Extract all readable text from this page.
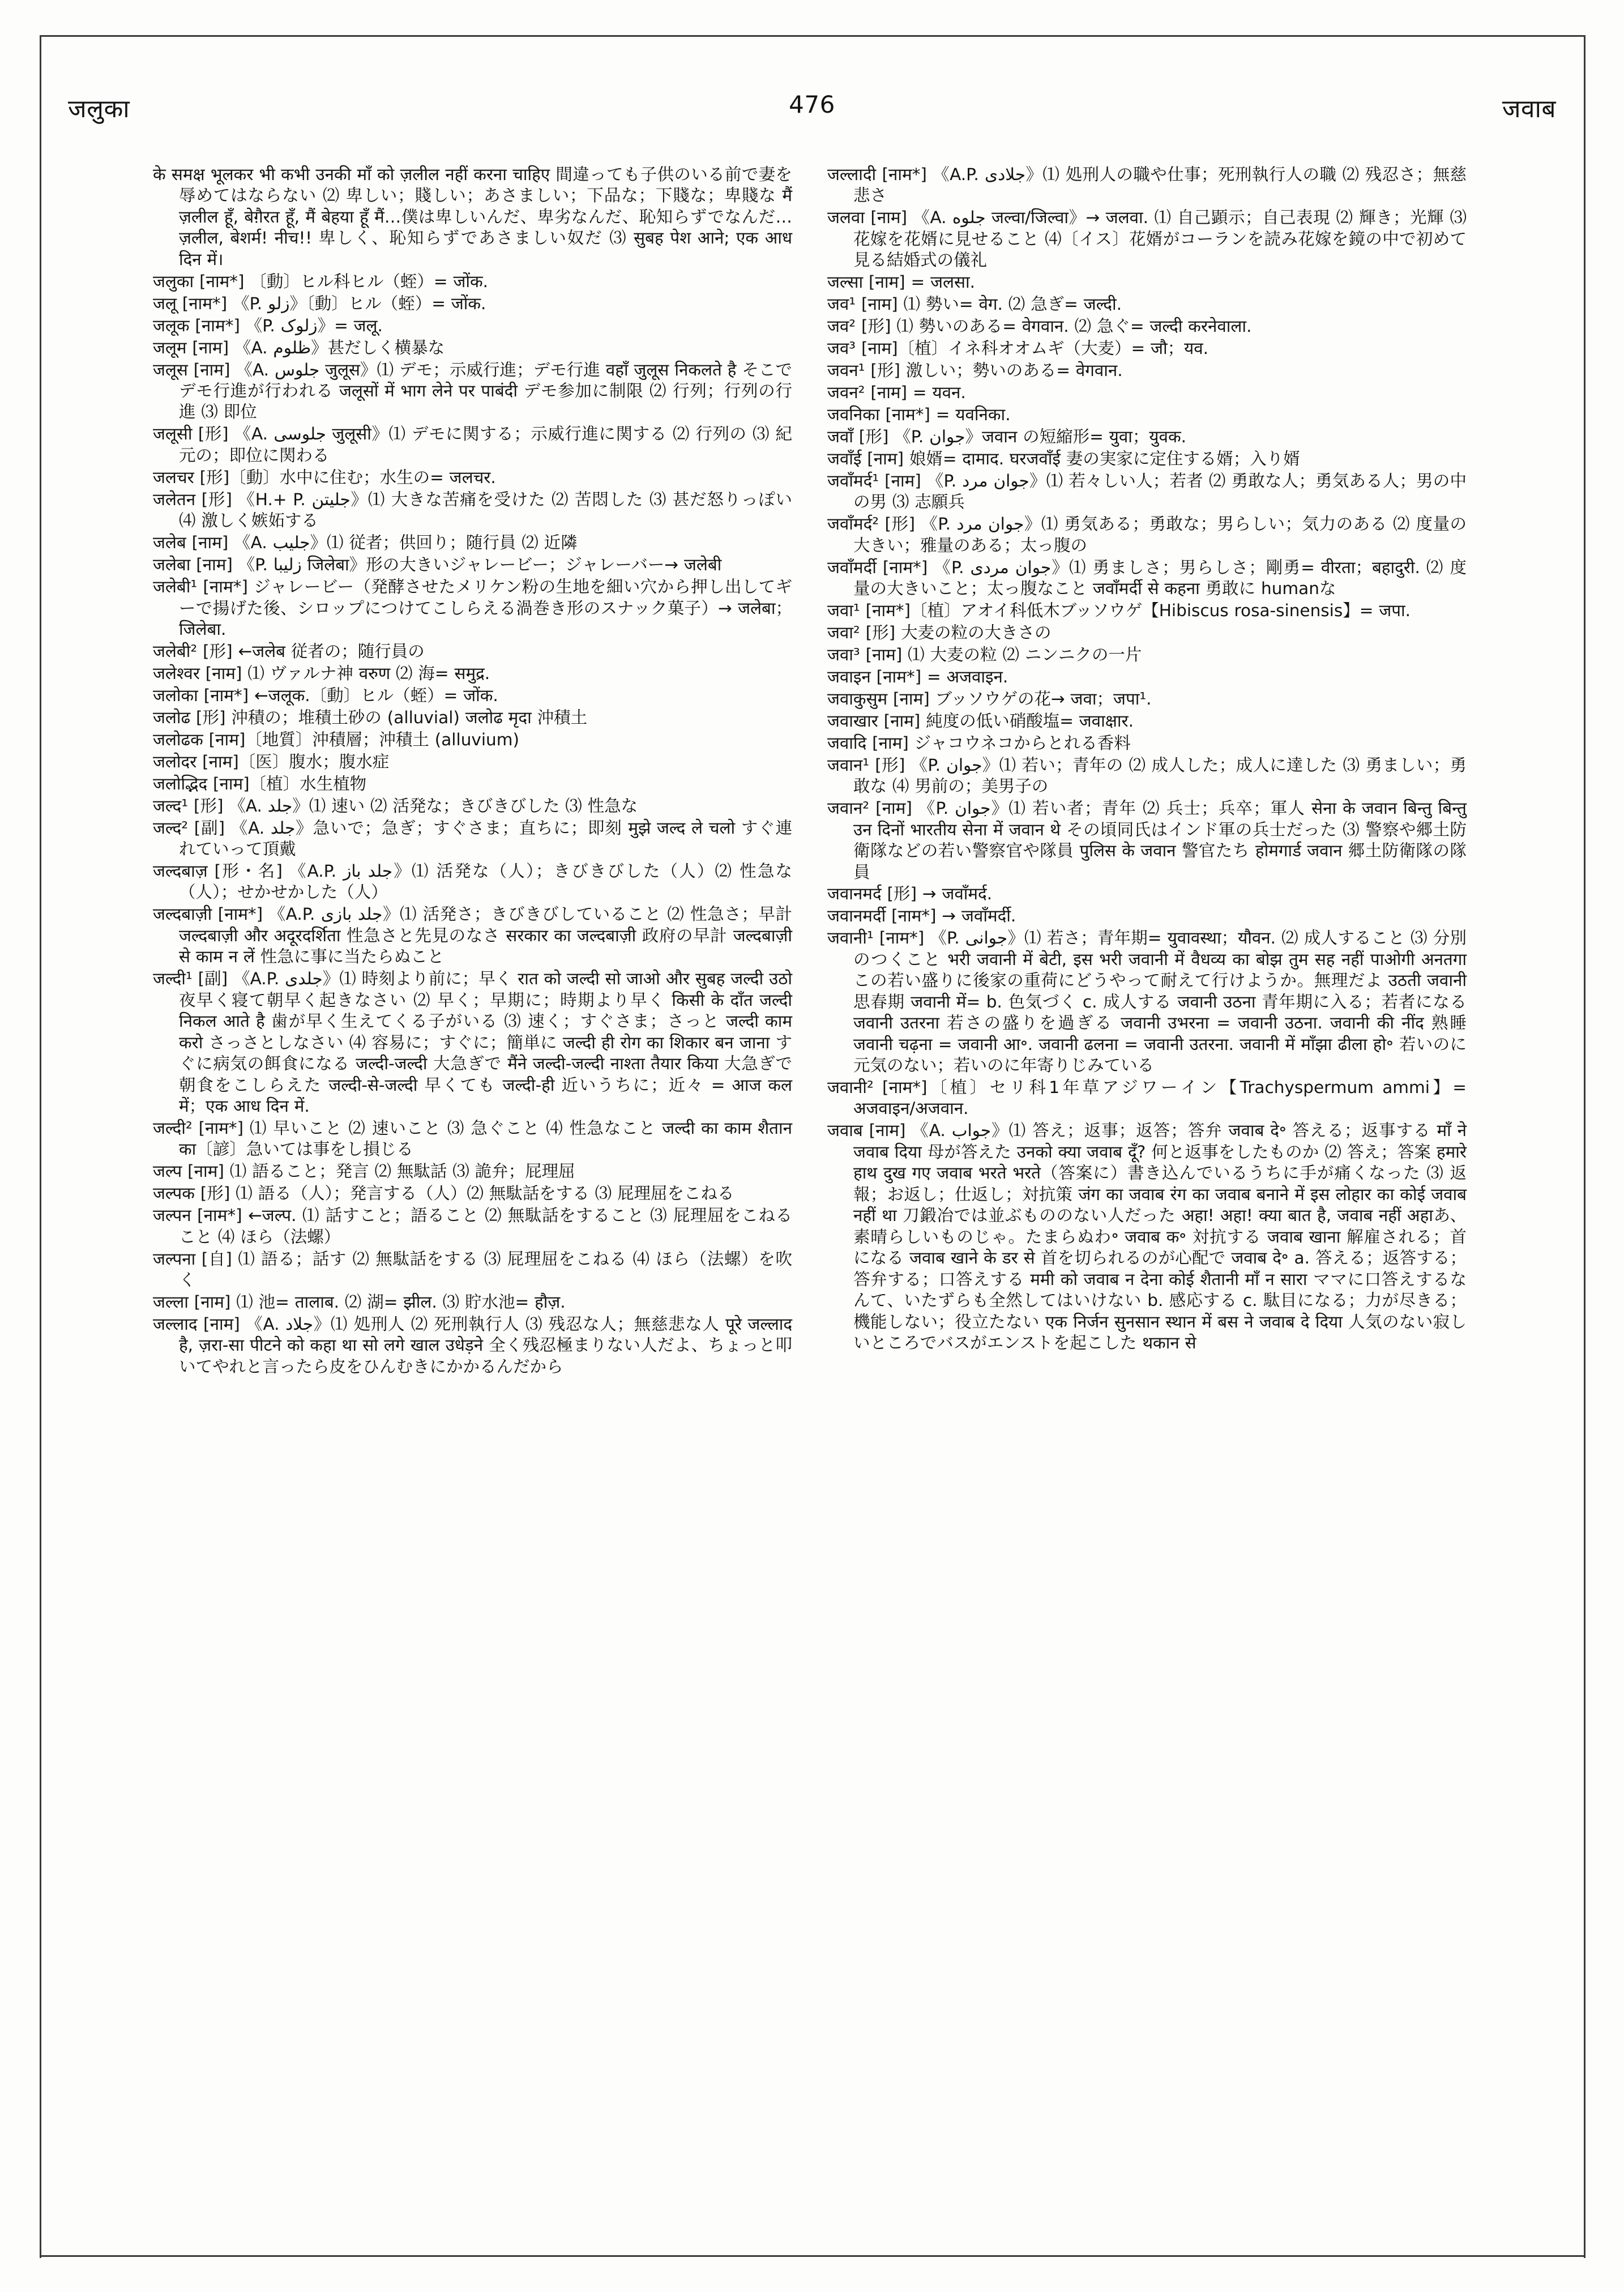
जलुका	476	जवाब

के समक्ष भूलकर भी कभी उनकी माँ को ज़लील नहीं करना चाहिए 間違っても子供のいる前で妻を辱めてはならない ⑵ 卑しい；賤しい；あさましい；下品な；下賤な；卑賤な मैं ज़लील हूँ, बेग़ैरत हूँ, मैं बेहया हूँ मैं…僕は卑しいんだ、卑劣なんだ、恥知らずでなんだ… ज़लील, बेशर्म! नीच!! 卑しく、恥知らずであさましい奴だ ⑶ सुबह पेश आने; एक आध दिन में।

जलुका [नाम*] 〔動〕ヒル科ヒル（蛭）= जोंक.

जलू [नाम*] 《P. زلو》〔動〕ヒル（蛭）= जोंक.

जलूक [नाम*] 《P. زلوک》= जलू.

जलूम [नाम] 《A. ظلوم》甚だしく横暴な

जलूस [नाम] 《A. جلوس जुलूस》⑴ デモ；示威行進；デモ行進 वहाँ जुलूस निकलते है そこでデモ行進が行われる जलूसों में भाग लेने पर पाबंदी デモ参加に制限 ⑵ 行列；行列の行進 ⑶ 即位

जलूसी [形] 《A. جلوسی जुलूसी》⑴ デモに関する；示威行進に関する ⑵ 行列の ⑶ 紀元の；即位に関わる

जलचर [形]〔動〕水中に住む；水生の= जलचर.

जलेतन [形] 《H.+ P. جلیتن》⑴ 大きな苦痛を受けた ⑵ 苦悶した ⑶ 甚だ怒りっぽい ⑷ 激しく嫉妬する

जलेब [नाम] 《A. جلیب》⑴ 従者；供回り；随行員 ⑵ 近隣

जलेबा [नाम] 《P. زلیبا जिलेबा》形の大きいジャレービー；ジャレーバー→ जलेबी

जलेबी¹ [नाम*] ジャレービー（発酵させたメリケン粉の生地を細い穴から押し出してギーで揚げた後、シロップにつけてこしらえる渦巻き形のスナック菓子）→ जलेबा；जिलेबा.

जलेबी² [形] ←जलेब 従者の；随行員の

जलेश्वर [नाम] ⑴ ヴァルナ神 वरुण ⑵ 海= समुद्र.

जलोका [नाम*] ←जलूक.〔動〕ヒル（蛭）= जोंक.

जलोढ [形] 沖積の；堆積土砂の (alluvial) जलोढ मृदा 沖積土

जलोढक [नाम]〔地質〕沖積層；沖積土 (alluvium)

जलोदर [नाम]〔医〕腹水；腹水症

जलोद्भिद [नाम]〔植〕水生植物

जल्द¹ [形] 《A. جلد》⑴ 速い ⑵ 活発な；きびきびした ⑶ 性急な

जल्द² [副] 《A. جلد》急いで；急ぎ；すぐさま；直ちに；即刻 मुझे जल्द ले चलो すぐ連れていって頂戴

जल्दबाज़ [形・名] 《A.P. جلد باز》⑴ 活発な（人）；きびきびした（人）⑵ 性急な（人）；せかせかした（人）

जल्दबाज़ी [नाम*] 《A.P. جلد بازی》⑴ 活発さ；きびきびしていること ⑵ 性急さ；早計 जल्दबाज़ी और अदूरदर्शिता 性急さと先見のなさ सरकार का जल्दबाज़ी 政府の早計 जल्दबाज़ी से काम न लें 性急に事に当たらぬこと

जल्दी¹ [副] 《A.P. جلدی》⑴ 時刻より前に；早く रात को जल्दी सो जाओ और सुबह जल्दी उठो 夜早く寝て朝早く起きなさい ⑵ 早く；早期に；時期より早く किसी के दाँत जल्दी निकल आते है 歯が早く生えてくる子がいる ⑶ 速く；すぐさま；さっと जल्दी काम करो さっさとしなさい ⑷ 容易に；すぐに；簡単に जल्दी ही रोग का शिकार बन जाना すぐに病気の餌食になる जल्दी-जल्दी 大急ぎで मैंने जल्दी-जल्दी नाश्ता तैयार किया 大急ぎで朝食をこしらえた जल्दी-से-जल्दी 早くても जल्दी-ही 近いうちに；近々 = आज कल में；एक आध दिन में.

जल्दी² [नाम*] ⑴ 早いこと ⑵ 速いこと ⑶ 急ぐこと ⑷ 性急なこと जल्दी का काम शैतान का〔諺〕急いては事をし損じる

जल्प [नाम] ⑴ 語ること；発言 ⑵ 無駄話 ⑶ 詭弁；屁理屈

जल्पक [形] ⑴ 語る（人）；発言する（人）⑵ 無駄話をする ⑶ 屁理屈をこねる

जल्पन [नाम*] ←जल्प. ⑴ 話すこと；語ること ⑵ 無駄話をすること ⑶ 屁理屈をこねること ⑷ ほら（法螺）

जल्पना [自] ⑴ 語る；話す ⑵ 無駄話をする ⑶ 屁理屈をこねる ⑷ ほら（法螺）を吹く

जल्ला [नाम] ⑴ 池= तालाब. ⑵ 湖= झील. ⑶ 貯水池= हौज़.

जल्लाद [नाम] 《A. جلاد》⑴ 処刑人 ⑵ 死刑執行人 ⑶ 残忍な人；無慈悲な人 पूरे जल्लाद है, ज़रा-सा पीटने को कहा था सो लगे खाल उधेड़ने 全く残忍極まりない人だよ、ちょっと叩いてやれと言ったら皮をひんむきにかかるんだから

जल्लादी [नाम*] 《A.P. جلادی》⑴ 処刑人の職や仕事；死刑執行人の職 ⑵ 残忍さ；無慈悲さ

जलवा [नाम] 《A. جلوه जल्वा/जिल्वा》→ जलवा. ⑴ 自己顕示；自己表現 ⑵ 輝き；光輝 ⑶ 花嫁を花婿に見せること ⑷〔イス〕花婿がコーランを読み花嫁を鏡の中で初めて見る結婚式の儀礼

जल्सा [नाम] = जलसा.

जव¹ [नाम] ⑴ 勢い= वेग. ⑵ 急ぎ= जल्दी.

जव² [形] ⑴ 勢いのある= वेगवान. ⑵ 急ぐ= जल्दी करनेवाला.

जव³ [नाम]〔植〕イネ科オオムギ（大麦）= जौ；यव.

जवन¹ [形] 激しい；勢いのある= वेगवान.

जवन² [नाम] = यवन.

जवनिका [नाम*] = यवनिका.

जवाँ [形] 《P. جوان》जवान の短縮形= युवा；युवक.

जवाँई [नाम] 娘婿= दामाद. घरजवाँई 妻の実家に定住する婿；入り婿

जवाँमर्द¹ [नाम] 《P. جوان مرد》⑴ 若々しい人；若者 ⑵ 勇敢な人；勇気ある人；男の中の男 ⑶ 志願兵

जवाँमर्द² [形] 《P. جوان مرد》⑴ 勇気ある；勇敢な；男らしい；気力のある ⑵ 度量の大きい；雅量のある；太っ腹の

जवाँमर्दी [नाम*] 《P. جوان مردی》⑴ 勇ましさ；男らしさ；剛勇= वीरता；बहादुरी. ⑵ 度量の大きいこと；太っ腹なこと जवाँमर्दी से कहना 勇敢に humanな

जवा¹ [नाम*]〔植〕アオイ科低木ブッソウゲ【Hibiscus rosa-sinensis】= जपा.

जवा² [形] 大麦の粒の大きさの

जवा³ [नाम] ⑴ 大麦の粒 ⑵ ニンニクの一片

जवाइन [नाम*] = अजवाइन.

जवाकुसुम [नाम] ブッソウゲの花→ जवा；जपा¹.

जवाखार [नाम] 純度の低い硝酸塩= जवाक्षार.

जवादि [नाम] ジャコウネコからとれる香料

जवान¹ [形] 《P. جوان》⑴ 若い；青年の ⑵ 成人した；成人に達した ⑶ 勇ましい；勇敢な ⑷ 男前の；美男子の

जवान² [नाम] 《P. جوان》⑴ 若い者；青年 ⑵ 兵士；兵卒；軍人 सेना के जवान बिन्तु बिन्तु उन दिनों भारतीय सेना में जवान थे その頃同氏はインド軍の兵士だった ⑶ 警察や郷土防衛隊などの若い警察官や隊員 पुलिस के जवान 警官たち होमगार्ड जवान 郷土防衛隊の隊員

जवानमर्द [形] → जवाँमर्द.

जवानमर्दी [नाम*] → जवाँमर्दी.

जवानी¹ [नाम*] 《P. جوانی》⑴ 若さ；青年期= युवावस्था；यौवन. ⑵ 成人すること ⑶ 分別のつくこと भरी जवानी में बेटी, इस भरी जवानी में वैधव्य का बोझ तुम सह नहीं पाओगी अनतगा この若い盛りに後家の重荷にどうやって耐えて行けようか。無理だよ उठती जवानी 思春期 जवानी में= b. 色気づく c. 成人する जवानी उठना 青年期に入る；若者になる जवानी उतरना 若さの盛りを過ぎる जवानी उभरना = जवानी उठना. जवानी की नींद 熟睡 जवानी चढ़ना = जवानी आ॰. जवानी ढलना = जवानी उतरना. जवानी में माँझा ढीला हो॰ 若いのに元気のない；若いのに年寄りじみている

जवानी² [नाम*]〔植〕セリ科1年草アジワーイン【Trachyspermum ammi】= अजवाइन/अजवान.

जवाब [नाम] 《A. جواب》⑴ 答え；返事；返答；答弁 जवाब दे॰ 答える；返事する माँ ने जवाब दिया 母が答えた उनको क्या जवाब दूँ? 何と返事をしたものか ⑵ 答え；答案 हमारे हाथ दुख गए जवाब भरते भरते（答案に）書き込んでいるうちに手が痛くなった ⑶ 返報；お返し；仕返し；対抗策 जंग का जवाब रंग का जवाब बनाने में इस लोहार का कोई जवाब नहीं था 刀鍛冶では並ぶもののない人だった अहा! अहा! क्या बात है, जवाब नहीं अहाあ、素晴らしいものじゃ。たまらぬわ॰ जवाब क॰ 対抗する जवाब खाना 解雇される；首になる जवाब खाने के डर से 首を切られるのが心配で जवाब दे॰ a. 答える；返答する；答弁する；口答えする ममी को जवाब न देना कोई शैतानी माँ न सारा ママに口答えするなんて、いたずらも全然してはいけない b. 感応する c. 駄目になる；力が尽きる；機能しない；役立たない एक निर्जन सुनसान स्थान में बस ने जवाब दे दिया 人気のない寂しいところでバスがエンストを起こした थकान से
